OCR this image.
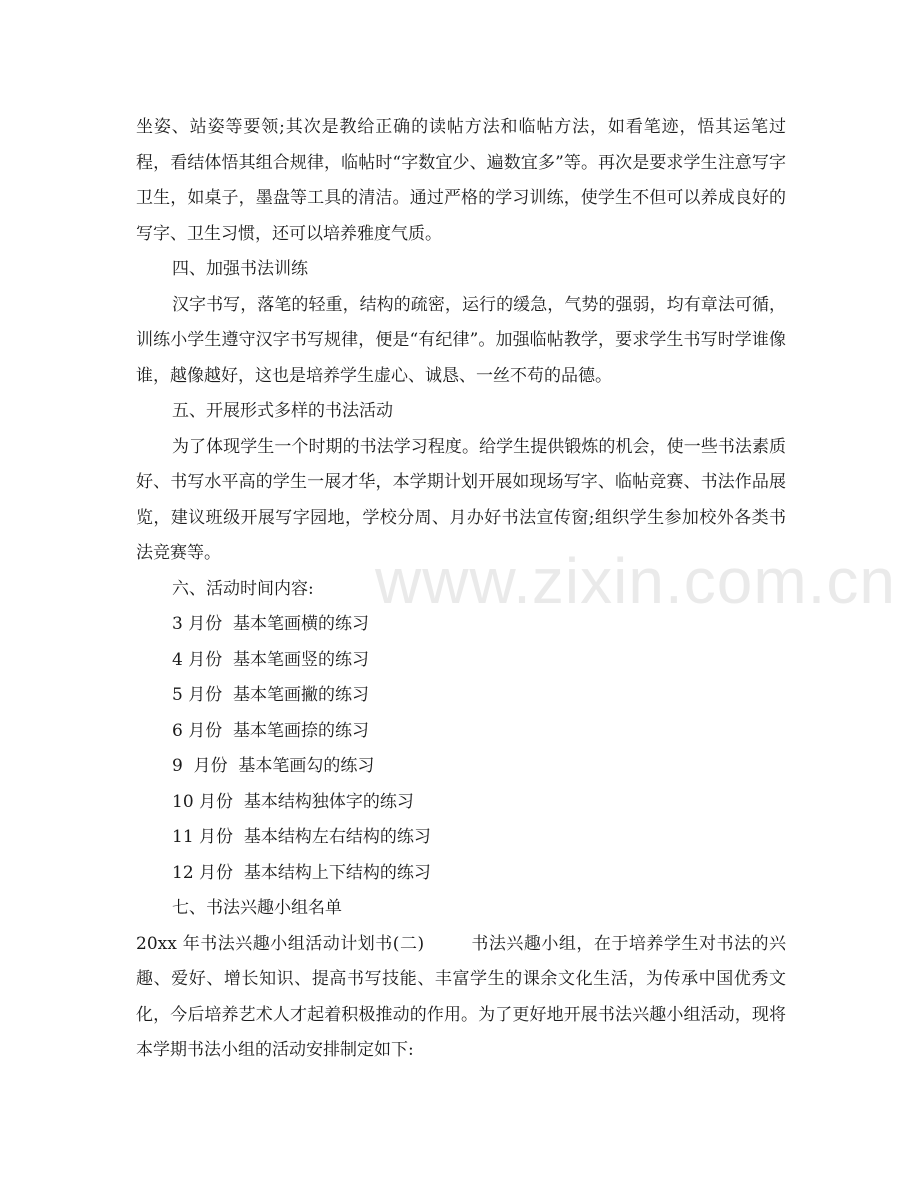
坐姿、站姿等要领;其次是教给正确的读帖方法和临帖方法，如看笔迹，悟其运笔过程，看结体悟其组合规律，临帖时“字数宜少、遍数宜多”等。再次是要求学生注意写字卫生，如桌子，墨盘等工具的清洁。通过严格的学习训练，使学生不但可以养成良好的写字、卫生习惯，还可以培养雅度气质。

四、加强书法训练

汉字书写，落笔的轻重，结构的疏密，运行的缓急，气势的强弱，均有章法可循，训练小学生遵守汉字书写规律，便是“有纪律”。加强临帖教学，要求学生书写时学谁像谁，越像越好，这也是培养学生虚心、诚恳、一丝不苟的品德。

五、开展形式多样的书法活动

为了体现学生一个时期的书法学习程度。给学生提供锻炼的机会，使一些书法素质好、书写水平高的学生一展才华，本学期计划开展如现场写字、临帖竞赛、书法作品展览，建议班级开展写字园地，学校分周、月办好书法宣传窗;组织学生参加校外各类书法竞赛等。

六、活动时间内容:

3 月份  基本笔画横的练习

4 月份  基本笔画竖的练习

5 月份  基本笔画撇的练习

6 月份  基本笔画捺的练习

9  月份  基本笔画勾的练习

10 月份  基本结构独体字的练习

11 月份  基本结构左右结构的练习

12 月份  基本结构上下结构的练习

七、书法兴趣小组名单

20xx 年书法兴趣小组活动计划书(二)        书法兴趣小组，在于培养学生对书法的兴趣、爱好、增长知识、提高书写技能、丰富学生的课余文化生活，为传承中国优秀文化，今后培养艺术人才起着积极推动的作用。为了更好地开展书法兴趣小组活动，现将本学期书法小组的活动安排制定如下:

www.zixin.com.cn
